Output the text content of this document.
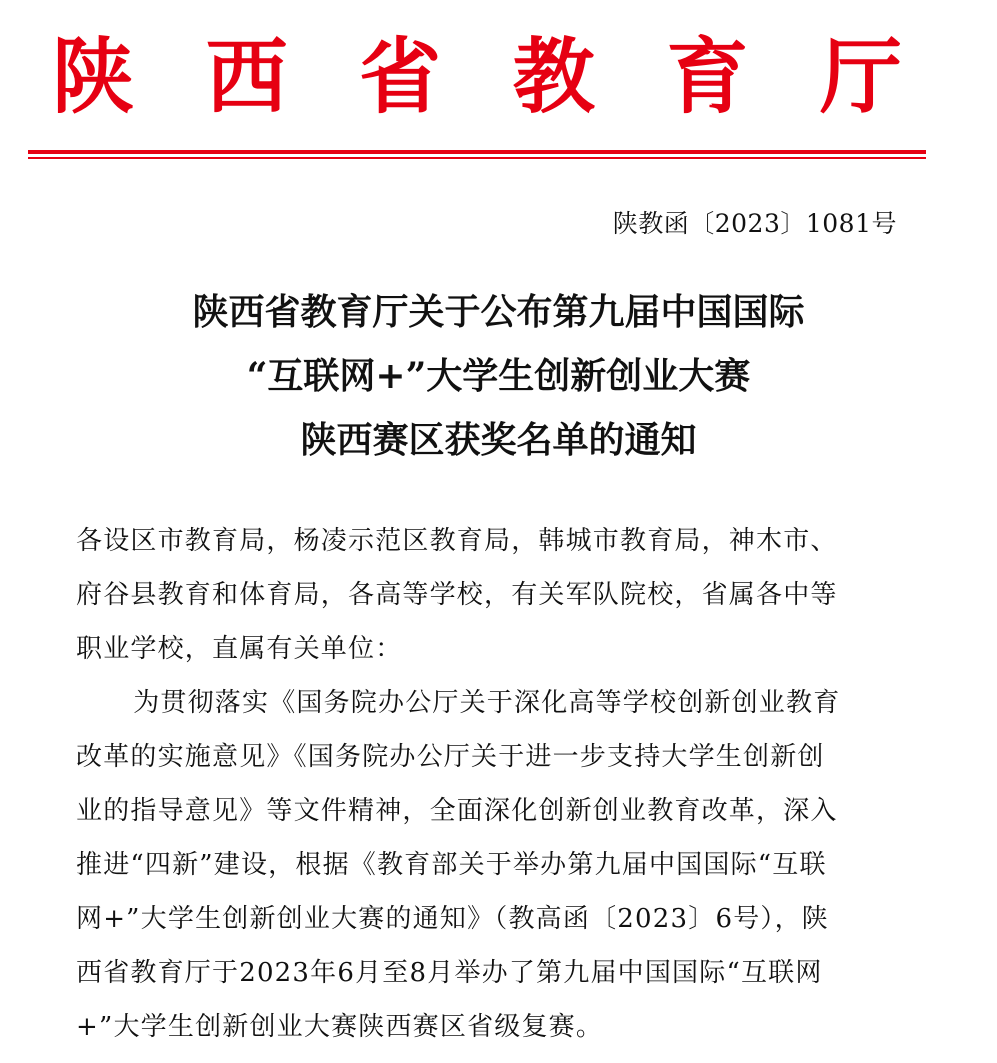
陕 西 省 教 育 厅
陕教函〔2023〕1081号
陕西省教育厅关于公布第九届中国国际
“互联网+”大学生创新创业大赛
陕西赛区获奖名单的通知

各设区市教育局，杨凌示范区教育局，韩城市教育局，神木市、
府谷县教育和体育局，各高等学校，有关军队院校，省属各中等
职业学校，直属有关单位：

为贯彻落实《国务院办公厅关于深化高等学校创新创业教育
改革的实施意见》《国务院办公厅关于进一步支持大学生创新创
业的指导意见》等文件精神，全面深化创新创业教育改革，深入
推进“四新”建设，根据《教育部关于举办第九届中国国际“互联
网+”大学生创新创业大赛的通知》（教高函〔2023〕6号），陕
西省教育厅于2023年6月至8月举办了第九届中国国际“互联网
+”大学生创新创业大赛陕西赛区省级复赛。
